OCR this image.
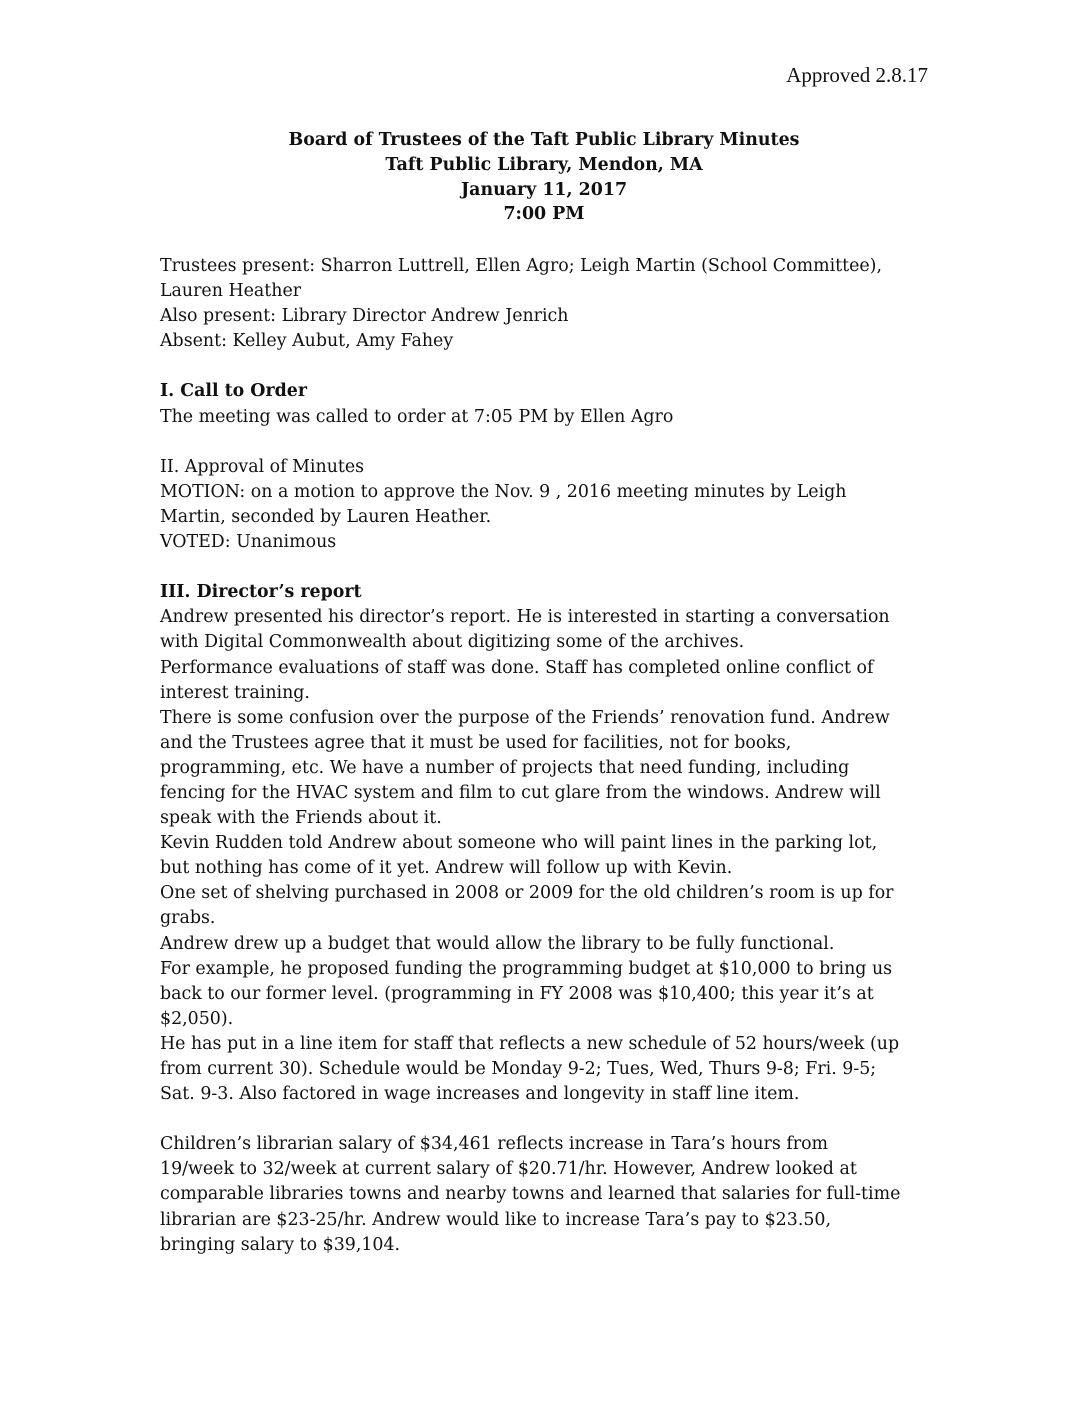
Approved 2.8.17
Board of Trustees of the Taft Public Library Minutes
Taft Public Library, Mendon, MA
January 11, 2017
7:00 PM

Trustees present: Sharron Luttrell, Ellen Agro; Leigh Martin (School Committee),

Lauren Heather

Also present: Library Director Andrew Jenrich

Absent: Kelley Aubut, Amy Fahey

I. Call to Order

The meeting was called to order at 7:05 PM by Ellen Agro

II. Approval of Minutes

MOTION: on a motion to approve the Nov. 9 , 2016 meeting minutes by Leigh

Martin, seconded by Lauren Heather.

VOTED: Unanimous

III. Director’s report

Andrew presented his director’s report. He is interested in starting a conversation

with Digital Commonwealth about digitizing some of the archives.

Performance evaluations of staff was done. Staff has completed online conflict of

interest training.

There is some confusion over the purpose of the Friends’ renovation fund. Andrew

and the Trustees agree that it must be used for facilities, not for books,

programming, etc. We have a number of projects that need funding, including

fencing for the HVAC system and film to cut glare from the windows. Andrew will

speak with the Friends about it.

Kevin Rudden told Andrew about someone who will paint lines in the parking lot,

but nothing has come of it yet. Andrew will follow up with Kevin.

One set of shelving purchased in 2008 or 2009 for the old children’s room is up for

grabs.

Andrew drew up a budget that would allow the library to be fully functional.

For example, he proposed funding the programming budget at $10,000 to bring us

back to our former level. (programming in FY 2008 was $10,400; this year it’s at

$2,050).

He has put in a line item for staff that reflects a new schedule of 52 hours/week (up

from current 30). Schedule would be Monday 9-2; Tues, Wed, Thurs 9-8; Fri. 9-5;

Sat. 9-3. Also factored in wage increases and longevity in staff line item.

Children’s librarian salary of $34,461 reflects increase in Tara’s hours from

19/week to 32/week at current salary of $20.71/hr. However, Andrew looked at

comparable libraries towns and nearby towns and learned that salaries for full-time

librarian are $23-25/hr. Andrew would like to increase Tara’s pay to $23.50,

bringing salary to $39,104.
